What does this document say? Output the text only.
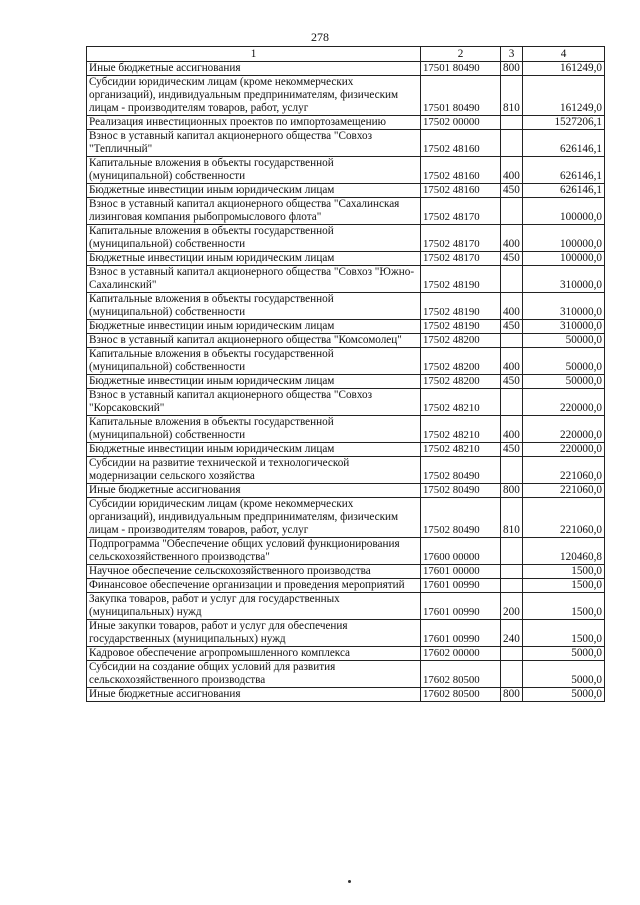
278
1	2	3	4
Иные бюджетные ассигнования	17501 80490	800	161249,0
Субсидии юридическим лицам (кроме некоммерческих организаций), индивидуальным предпринимателям, физическим лицам - производителям товаров, работ, услуг	17501 80490	810	161249,0
Реализация инвестиционных проектов по импортозамещению	17502 00000		1527206,1
Взнос в уставный капитал акционерного общества "Совхоз "Тепличный"	17502 48160		626146,1
Капитальные вложения в объекты государственной (муниципальной) собственности	17502 48160	400	626146,1
Бюджетные инвестиции иным юридическим лицам	17502 48160	450	626146,1
Взнос в уставный капитал акционерного общества "Сахалинская лизинговая компания рыбопромыслового флота"	17502 48170		100000,0
Капитальные вложения в объекты государственной (муниципальной) собственности	17502 48170	400	100000,0
Бюджетные инвестиции иным юридическим лицам	17502 48170	450	100000,0
Взнос в уставный капитал акционерного общества "Совхоз "Южно-Сахалинский"	17502 48190		310000,0
Капитальные вложения в объекты государственной (муниципальной) собственности	17502 48190	400	310000,0
Бюджетные инвестиции иным юридическим лицам	17502 48190	450	310000,0
Взнос в уставный капитал акционерного общества "Комсомолец"	17502 48200		50000,0
Капитальные вложения в объекты государственной (муниципальной) собственности	17502 48200	400	50000,0
Бюджетные инвестиции иным юридическим лицам	17502 48200	450	50000,0
Взнос в уставный капитал акционерного общества "Совхоз "Корсаковский"	17502 48210		220000,0
Капитальные вложения в объекты государственной (муниципальной) собственности	17502 48210	400	220000,0
Бюджетные инвестиции иным юридическим лицам	17502 48210	450	220000,0
Субсидии на развитие технической и технологической модернизации сельского хозяйства	17502 80490		221060,0
Иные бюджетные ассигнования	17502 80490	800	221060,0
Субсидии юридическим лицам (кроме некоммерческих организаций), индивидуальным предпринимателям, физическим лицам - производителям товаров, работ, услуг	17502 80490	810	221060,0
Подпрограмма "Обеспечение общих условий функционирования сельскохозяйственного производства"	17600 00000		120460,8
Научное обеспечение сельскохозяйственного производства	17601 00000		1500,0
Финансовое обеспечение организации и проведения мероприятий	17601 00990		1500,0
Закупка товаров, работ и услуг для государственных (муниципальных) нужд	17601 00990	200	1500,0
Иные закупки товаров, работ и услуг для обеспечения государственных (муниципальных) нужд	17601 00990	240	1500,0
Кадровое обеспечение агропромышленного комплекса	17602 00000		5000,0
Субсидии на создание общих условий для развития сельскохозяйственного производства	17602 80500		5000,0
Иные бюджетные ассигнования	17602 80500	800	5000,0
